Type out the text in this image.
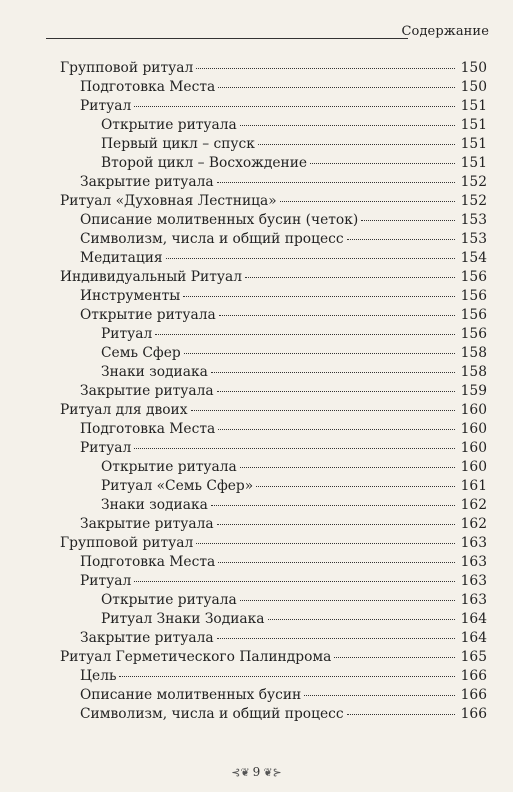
Содержание
Групповой ритуал	150
Подготовка Места	150
Ритуал	151
Открытие ритуала	151
Первый цикл – спуск	151
Второй цикл – Восхождение	151
Закрытие ритуала	152
Ритуал «Духовная Лестница»	152
Описание молитвенных бусин (четок)	153
Символизм, числа и общий процесс	153
Медитация	154
Индивидуальный Ритуал	156
Инструменты	156
Открытие ритуала	156
Ритуал	156
Семь Сфер	158
Знаки зодиака	158
Закрытие ритуала	159
Ритуал для двоих	160
Подготовка Места	160
Ритуал	160
Открытие ритуала	160
Ритуал «Семь Сфер»	161
Знаки зодиака	162
Закрытие ритуала	162
Групповой ритуал	163
Подготовка Места	163
Ритуал	163
Открытие ритуала	163
Ритуал Знаки Зодиака	164
Закрытие ритуала	164
Ритуал Герметического Палиндрома	165
Цель	166
Описание молитвенных бусин	166
Символизм, числа и общий процесс	166
⊰❦ 9 ❦⊱
